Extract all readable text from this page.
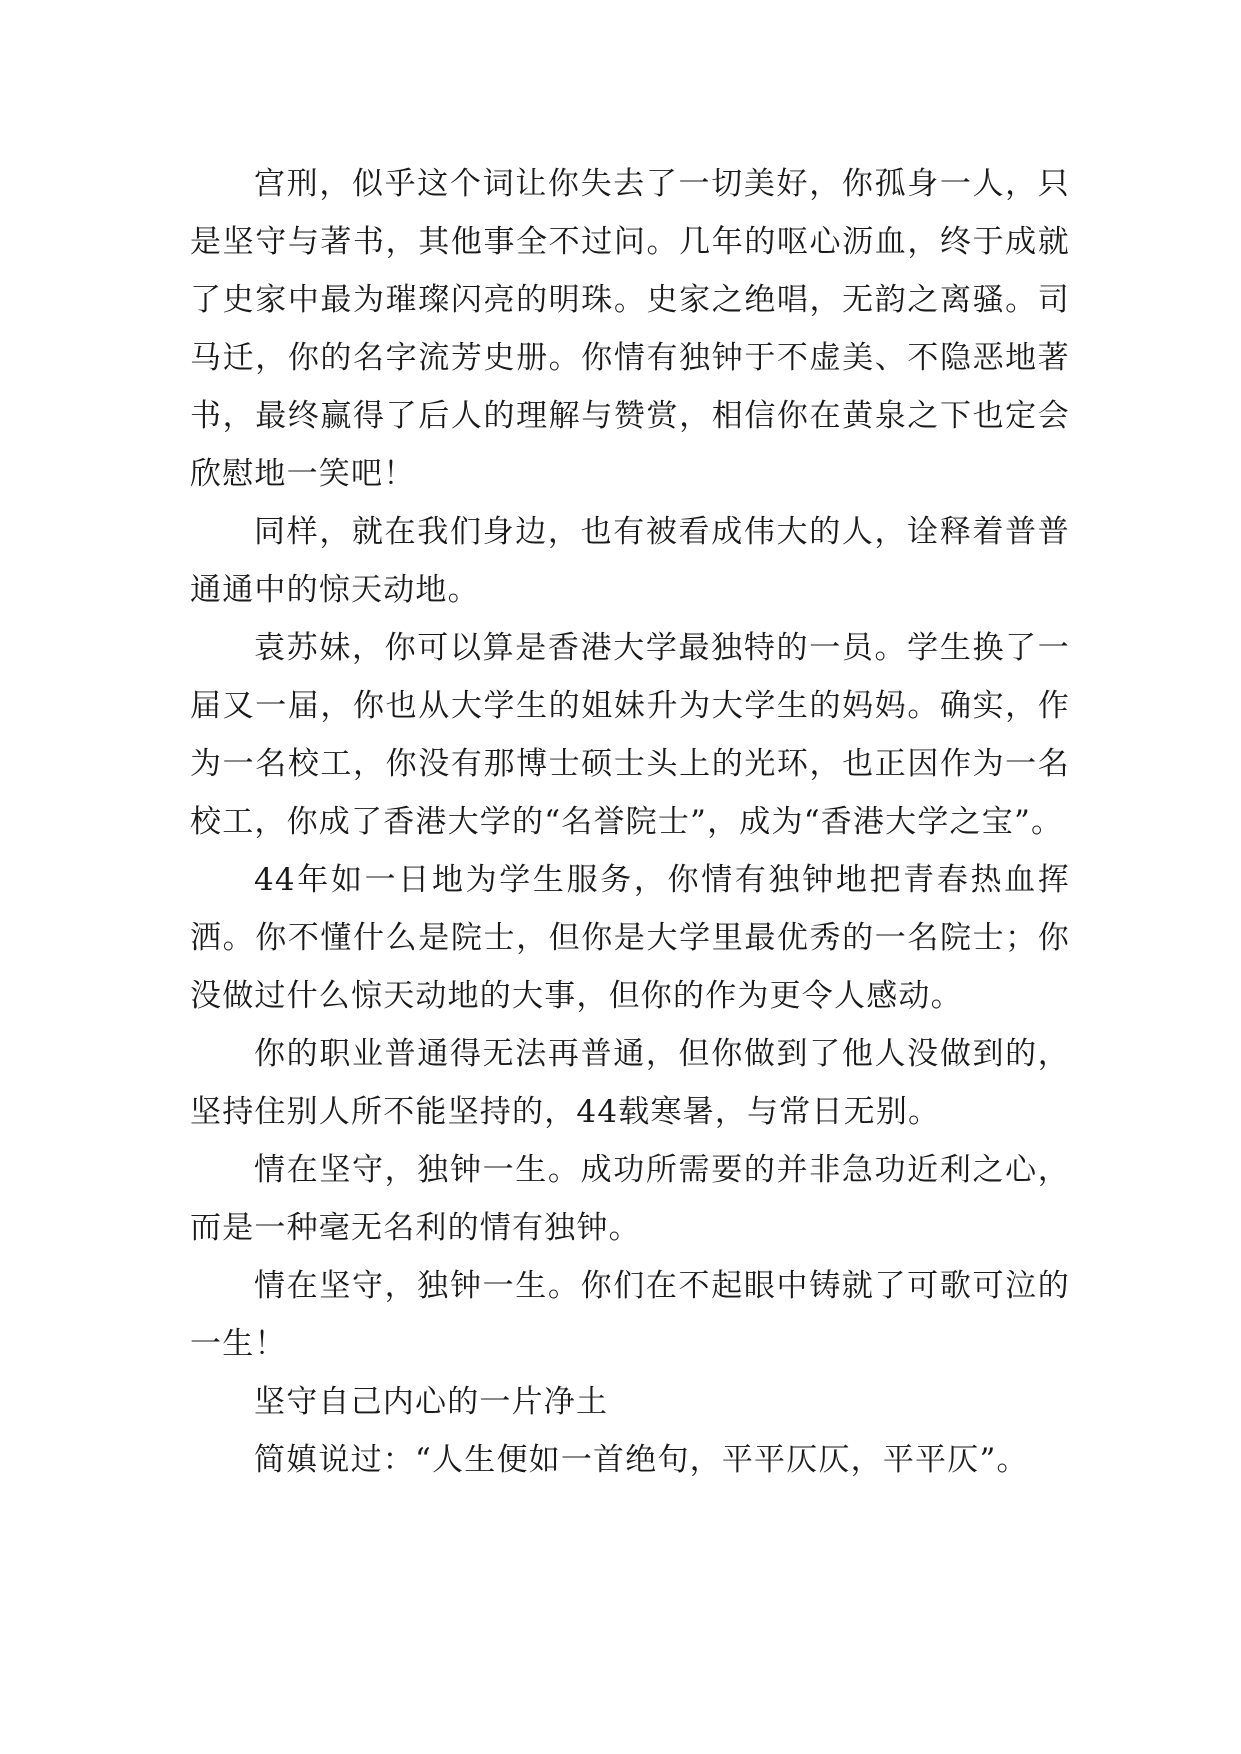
宫刑，似乎这个词让你失去了一切美好，你孤身一人，只是坚守与著书，其他事全不过问。几年的呕心沥血，终于成就了史家中最为璀璨闪亮的明珠。史家之绝唱，无韵之离骚。司马迁，你的名字流芳史册。你情有独钟于不虚美、不隐恶地著书，最终赢得了后人的理解与赞赏，相信你在黄泉之下也定会欣慰地一笑吧！

同样，就在我们身边，也有被看成伟大的人，诠释着普普通通中的惊天动地。

袁苏妹，你可以算是香港大学最独特的一员。学生换了一届又一届，你也从大学生的姐妹升为大学生的妈妈。确实，作为一名校工，你没有那博士硕士头上的光环，也正因作为一名校工，你成了香港大学的“名誉院士”，成为“香港大学之宝”。

44年如一日地为学生服务，你情有独钟地把青春热血挥洒。你不懂什么是院士，但你是大学里最优秀的一名院士；你没做过什么惊天动地的大事，但你的作为更令人感动。

你的职业普通得无法再普通，但你做到了他人没做到的，坚持住别人所不能坚持的，44载寒暑，与常日无别。

情在坚守，独钟一生。成功所需要的并非急功近利之心，而是一种毫无名利的情有独钟。

情在坚守，独钟一生。你们在不起眼中铸就了可歌可泣的一生！

坚守自己内心的一片净土

简嫃说过：“人生便如一首绝句，平平仄仄，平平仄”。
